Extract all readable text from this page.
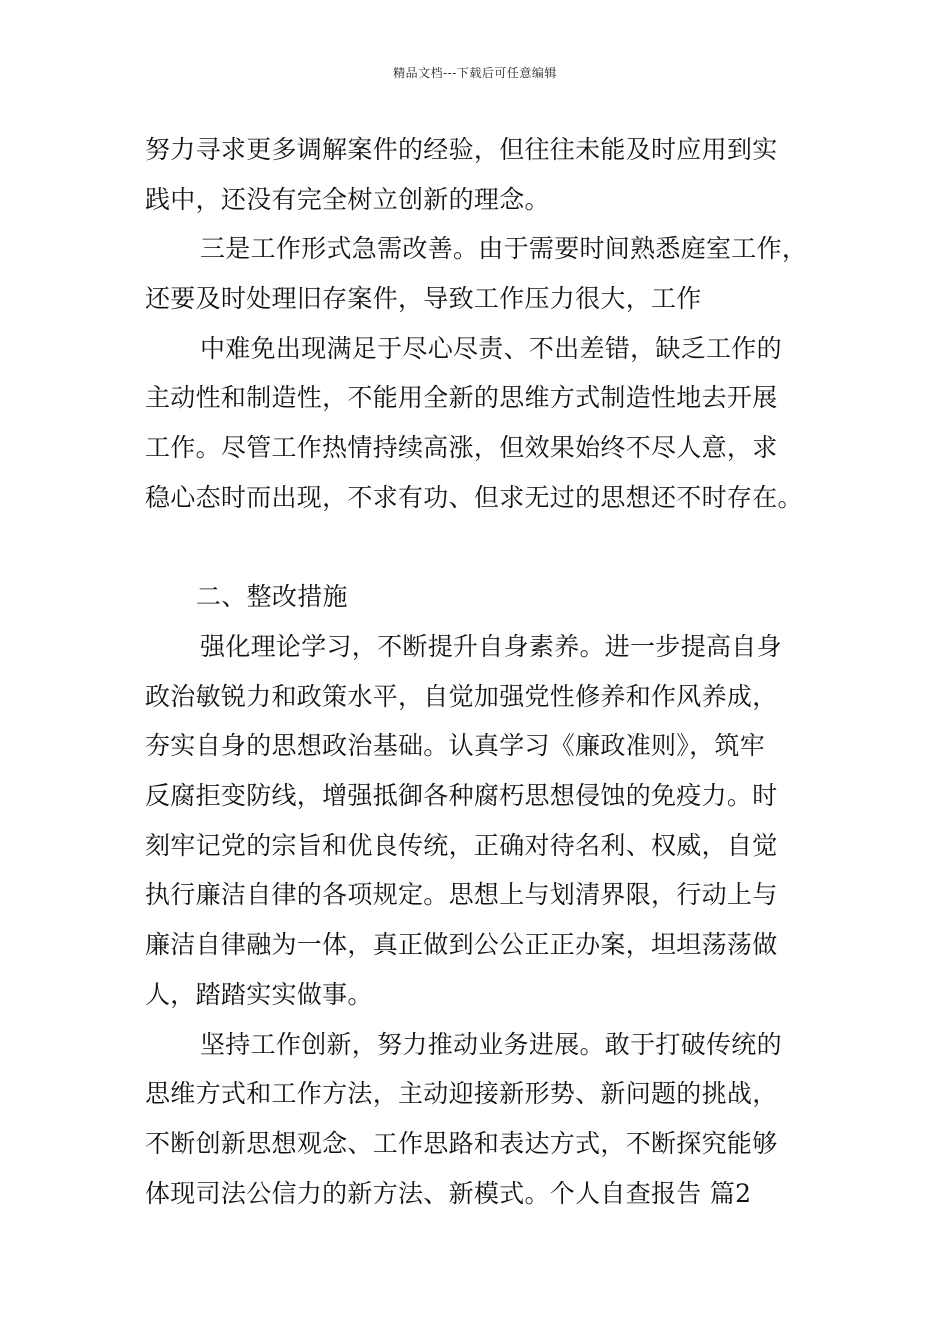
精品文档---下载后可任意编辑
努力寻求更多调解案件的经验，但往往未能及时应用到实
践中，还没有完全树立创新的理念。
三是工作形式急需改善。由于需要时间熟悉庭室工作，
还要及时处理旧存案件，导致工作压力很大，工作
中难免出现满足于尽心尽责、不出差错，缺乏工作的
主动性和制造性，不能用全新的思维方式制造性地去开展
工作。尽管工作热情持续高涨，但效果始终不尽人意，求
稳心态时而出现，不求有功、但求无过的思想还不时存在。
二、整改措施
强化理论学习，不断提升自身素养。进一步提高自身
政治敏锐力和政策水平，自觉加强党性修养和作风养成，
夯实自身的思想政治基础。认真学习《廉政准则》，筑牢
反腐拒变防线，增强抵御各种腐朽思想侵蚀的免疫力。时
刻牢记党的宗旨和优良传统，正确对待名利、权威，自觉
执行廉洁自律的各项规定。思想上与划清界限，行动上与
廉洁自律融为一体，真正做到公公正正办案，坦坦荡荡做
人，踏踏实实做事。
坚持工作创新，努力推动业务进展。敢于打破传统的
思维方式和工作方法，主动迎接新形势、新问题的挑战，
不断创新思想观念、工作思路和表达方式，不断探究能够
体现司法公信力的新方法、新模式。个人自查报告 篇2
